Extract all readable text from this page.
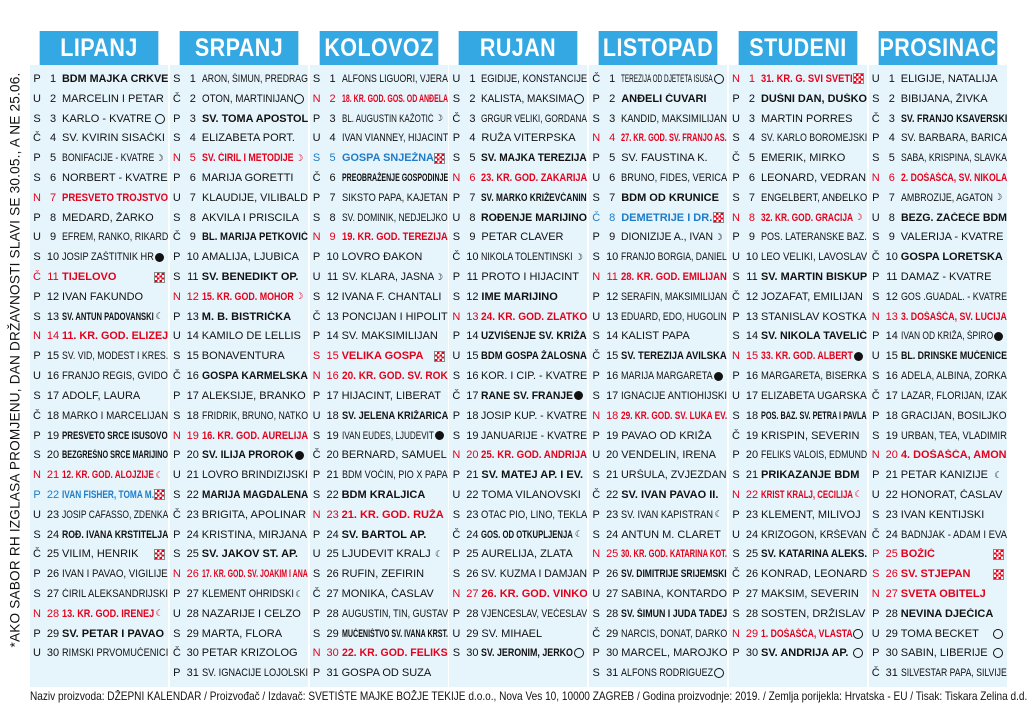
*AKO SABOR RH IZGLASA PROMJENU, DAN DRŽAVNOSTI SLAVI SE 30.05., A NE 25.06.
LIPANJ
P 1 BDM MAJKA CRKVE
U 2 MARCELIN I PETAR
S 3 KARLO - KVATRE
Č 4 SV. KVIRIN SISAČKI
P 5 BONIFACIJE - KVATRE ☽
S 6 NORBERT - KVATRE
N 7 PRESVETO TROJSTVO
P 8 MEDARD, ŽARKO
U 9 EFREM, RANKO, RIKARD
S 10 JOSIP ZAŠTITNIK HR
Č 11 TIJELOVO
P 12 IVAN FAKUNDO
S 13 SV. ANTUN PADOVANSKI ☾
N 14 11. KR. GOD. ELIZEJ
P 15 SV. VID, MODEST I KRES.
U 16 FRANJO REGIS, GVIDO
S 17 ADOLF, LAURA
Č 18 MARKO I MARCELIJAN
P 19 PRESVETO SRCE ISUSOVO
S 20 BEZGREŠNO SRCE MARIJINO
N 21 12. KR. GOD. ALOJZIJE ☾
P 22 IVAN FISHER, TOMA M.
U 23 JOSIP CAFASSO, ZDENKA
S 24 ROĐ. IVANA KRSTITELJA
Č 25 VILIM, HENRIK
P 26 IVAN I PAVAO, VIGILIJE
S 27 ĆIRIL ALEKSANDRIJSKI
N 28 13. KR. GOD. IRENEJ ☾
P 29 SV. PETAR I PAVAO
U 30 RIMSKI PRVOMUČENICI
SRPANJ
S 1 ARON, ŠIMUN, PREDRAG
Č 2 OTON, MARTINIJAN
P 3 SV. TOMA APOSTOL
S 4 ELIZABETA PORT.
N 5 SV. ĆIRIL I METODIJE ☽
P 6 MARIJA GORETTI
U 7 KLAUDIJE, VILIBALD
S 8 AKVILA I PRISCILA
Č 9 BL. MARIJA PETKOVIĆ
P 10 AMALIJA, LJUBICA
S 11 SV. BENEDIKT OP.
N 12 15. KR. GOD. MOHOR ☽
P 13 M. B. BISTRIČKA
U 14 KAMILO DE LELLIS
S 15 BONAVENTURA
Č 16 GOSPA KARMELSKA
P 17 ALEKSIJE, BRANKO
S 18 FRIDRIK, BRUNO, NATKO
N 19 16. KR. GOD. AURELIJA
P 20 SV. ILIJA PROROK
U 21 LOVRO BRINDIZIJSKI
S 22 MARIJA MAGDALENA
Č 23 BRIGITA, APOLINAR
P 24 KRISTINA, MIRJANA
S 25 SV. JAKOV ST. AP.
N 26 17. KR. GOD. SV. JOAKIM I ANA
P 27 KLEMENT OHRIDSKI ☾
U 28 NAZARIJE I CELZO
S 29 MARTA, FLORA
Č 30 PETAR KRIZOLOG
P 31 SV. IGNACIJE LOJOLSKI
KOLOVOZ
S 1 ALFONS LIGUORI, VJERA
N 2 18. KR. GOD. GOS. OD ANĐELA
P 3 BL. AUGUSTIN KAŽOTIĆ ☽
U 4 IVAN VIANNEY, HIJACINT
S 5 GOSPA SNJEŽNA
Č 6 PREOBRAŽENJE GOSPODINJE
P 7 SIKSTO PAPA, KAJETAN
S 8 SV. DOMINIK, NEDJELJKO
N 9 19. KR. GOD. TEREZIJA
P 10 LOVRO ĐAKON
U 11 SV. KLARA, JASNA ☽
S 12 IVANA F. CHANTALI
Č 13 PONCIJAN I HIPOLIT
P 14 SV. MAKSIMILIJAN
S 15 VELIKA GOSPA
N 16 20. KR. GOD. SV. ROK
P 17 HIJACINT, LIBERAT
U 18 SV. JELENA KRIŽARICA
S 19 IVAN EUDES, LJUDEVIT
Č 20 BERNARD, SAMUEL
P 21 BDM VOĆIN, PIO X PAPA
S 22 BDM KRALJICA
N 23 21. KR. GOD. RUŽA
P 24 SV. BARTOL AP.
U 25 LJUDEVIT KRALJ ☾
S 26 RUFIN, ZEFIRIN
Č 27 MONIKA, ČASLAV
P 28 AUGUSTIN, TIN, GUSTAV
S 29 MUČENIŠTVO SV. IVANA KRST.
N 30 22. KR. GOD. FELIKS
P 31 GOSPA OD SUZA
RUJAN
U 1 EGIDIJE, KONSTANCIJE
S 2 KALISTA, MAKSIMA
Č 3 GRGUR VELIKI, GORDANA
P 4 RUŽA VITERPSKA
S 5 SV. MAJKA TEREZIJA
N 6 23. KR. GOD. ZAKARIJA
P 7 SV. MARKO KRIŽEVČANIN
U 8 ROĐENJE MARIJINO
S 9 PETAR CLAVER
Č 10 NIKOLA TOLENTINSKI ☽
P 11 PROTO I HIJACINT
S 12 IME MARIJINO
N 13 24. KR. GOD. ZLATKO
P 14 UZVIŠENJE SV. KRIŽA
U 15 BDM GOSPA ŽALOSNA
S 16 KOR. I CIP. - KVATRE
Č 17 RANE SV. FRANJE
P 18 JOSIP KUP. - KVATRE
S 19 JANUARIJE - KVATRE
N 20 25. KR. GOD. ANDRIJA
P 21 SV. MATEJ AP. I EV.
U 22 TOMA VILANOVSKI
S 23 OTAC PIO, LINO, TEKLA
Č 24 GOS. OD OTKUPLJENJA ☾
P 25 AURELIJA, ZLATA
S 26 SV. KUZMA I DAMJAN
N 27 26. KR. GOD. VINKO
P 28 VJENCESLAV, VEĆESLAV
U 29 SV. MIHAEL
S 30 SV. JERONIM, JERKO
LISTOPAD
Č 1 TEREZIJA OD DJETETA ISUSA
P 2 ANĐELI ČUVARI
S 3 KANDID, MAKSIMILIJAN
N 4 27. KR. GOD. SV. FRANJO AS.
P 5 SV. FAUSTINA K.
U 6 BRUNO, FIDES, VERICA
S 7 BDM OD KRUNICE
Č 8 DEMETRIJE I DR.
P 9 DIONIZIJE A., IVAN ☽
S 10 FRANJO BORGIA, DANIEL
N 11 28. KR. GOD. EMILIJAN
P 12 SERAFIN, MAKSIMILIJAN
U 13 EDUARD, EDO, HUGOLIN
S 14 KALIST PAPA
Č 15 SV. TEREZIJA AVILSKA
P 16 MARIJA MARGARETA
S 17 IGNACIJE ANTIOHIJSKI
N 18 29. KR. GOD. SV. LUKA EV.
P 19 PAVAO OD KRIŽA
U 20 VENDELIN, IRENA
S 21 URŠULA, ZVJEZDAN
Č 22 SV. IVAN PAVAO II.
P 23 SV. IVAN KAPISTRAN ☾
S 24 ANTUN M. CLARET
N 25 30. KR. GOD. KATARINA KOT.
P 26 SV. DIMITRIJE SRIJEMSKI
U 27 SABINA, KONTARDO
S 28 SV. ŠIMUN I JUDA TADEJ
Č 29 NARCIS, DONAT, DARKO
P 30 MARCEL, MAROJKO
S 31 ALFONS RODRIGUEZ
STUDENI
N 1 31. KR. G. SVI SVETI
P 2 DUŠNI DAN, DUŠKO
U 3 MARTIN PORRES
S 4 SV. KARLO BOROMEJSKI
Č 5 EMERIK, MIRKO
P 6 LEONARD, VEDRAN
S 7 ENGELBERT, ANĐELKO
N 8 32. KR. GOD. GRACIJA ☽
P 9 POS. LATERANSKE BAZ.
U 10 LEO VELIKI, LAVOSLAV
S 11 SV. MARTIN BISKUP
Č 12 JOZAFAT, EMILIJAN
P 13 STANISLAV KOSTKA
S 14 SV. NIKOLA TAVELIĆ
N 15 33. KR. GOD. ALBERT
P 16 MARGARETA, BISERKA
U 17 ELIZABETA UGARSKA
S 18 POS. BAZ. SV. PETRA I PAVLA
Č 19 KRISPIN, SEVERIN
P 20 FELIKS VALOIS, EDMUND
S 21 PRIKAZANJE BDM
N 22 KRIST KRALJ, CECILIJA ☾
P 23 KLEMENT, MILIVOJ
U 24 KRIZOGON, KRŠEVAN
S 25 SV. KATARINA ALEKS.
Č 26 KONRAD, LEONARD
P 27 MAKSIM, SEVERIN
S 28 SOSTEN, DRŽISLAV
N 29 1. DOŠAŠĆA, VLASTA
P 30 SV. ANDRIJA AP.
PROSINAC
U 1 ELIGIJE, NATALIJA
S 2 BIBIJANA, ŽIVKA
Č 3 SV. FRANJO KSAVERSKI
P 4 SV. BARBARA, BARICA
S 5 SABA, KRISPINA, SLAVKA
N 6 2. DOŠAŠĆA, SV. NIKOLA
P 7 AMBROZIJE, AGATON ☽
U 8 BEZG. ZAČEĆE BDM
S 9 VALERIJA - KVATRE
Č 10 GOSPA LORETSKA
P 11 DAMAZ - KVATRE
S 12 GOS .GUADAL. - KVATRE
N 13 3. DOŠAŠĆA, SV. LUCIJA
P 14 IVAN OD KRIŽA, ŠPIRO
U 15 BL. DRINSKE MUČENICE
S 16 ADELA, ALBINA, ZORKA
Č 17 LAZAR, FLORIJAN, IZAK
P 18 GRACIJAN, BOSILJKO
S 19 URBAN, TEA, VLADIMIR
N 20 4. DOŠAŠĆA, AMON
P 21 PETAR KANIZIJE ☾
U 22 HONORAT, ČASLAV
S 23 IVAN KENTIJSKI
Č 24 BADNJAK - ADAM I EVA
P 25 BOŽIĆ
S 26 SV. STJEPAN
N 27 SVETA OBITELJ
P 28 NEVINA DJEČICA
U 29 TOMA BECKET
P 30 SABIN, LIBERIJE
Č 31 SILVESTAR PAPA, SILVIJE
Naziv proizvoda: DŽEPNI KALENDAR / Proizvođač / Izdavač: SVETIŠTE MAJKE BOŽJE TEKIJE d.o.o., Nova Ves 10, 10000 ZAGREB / Godina proizvodnje: 2019. / Zemlja porijekla: Hrvatska - EU / Tisak: Tiskara Zelina d.d.
